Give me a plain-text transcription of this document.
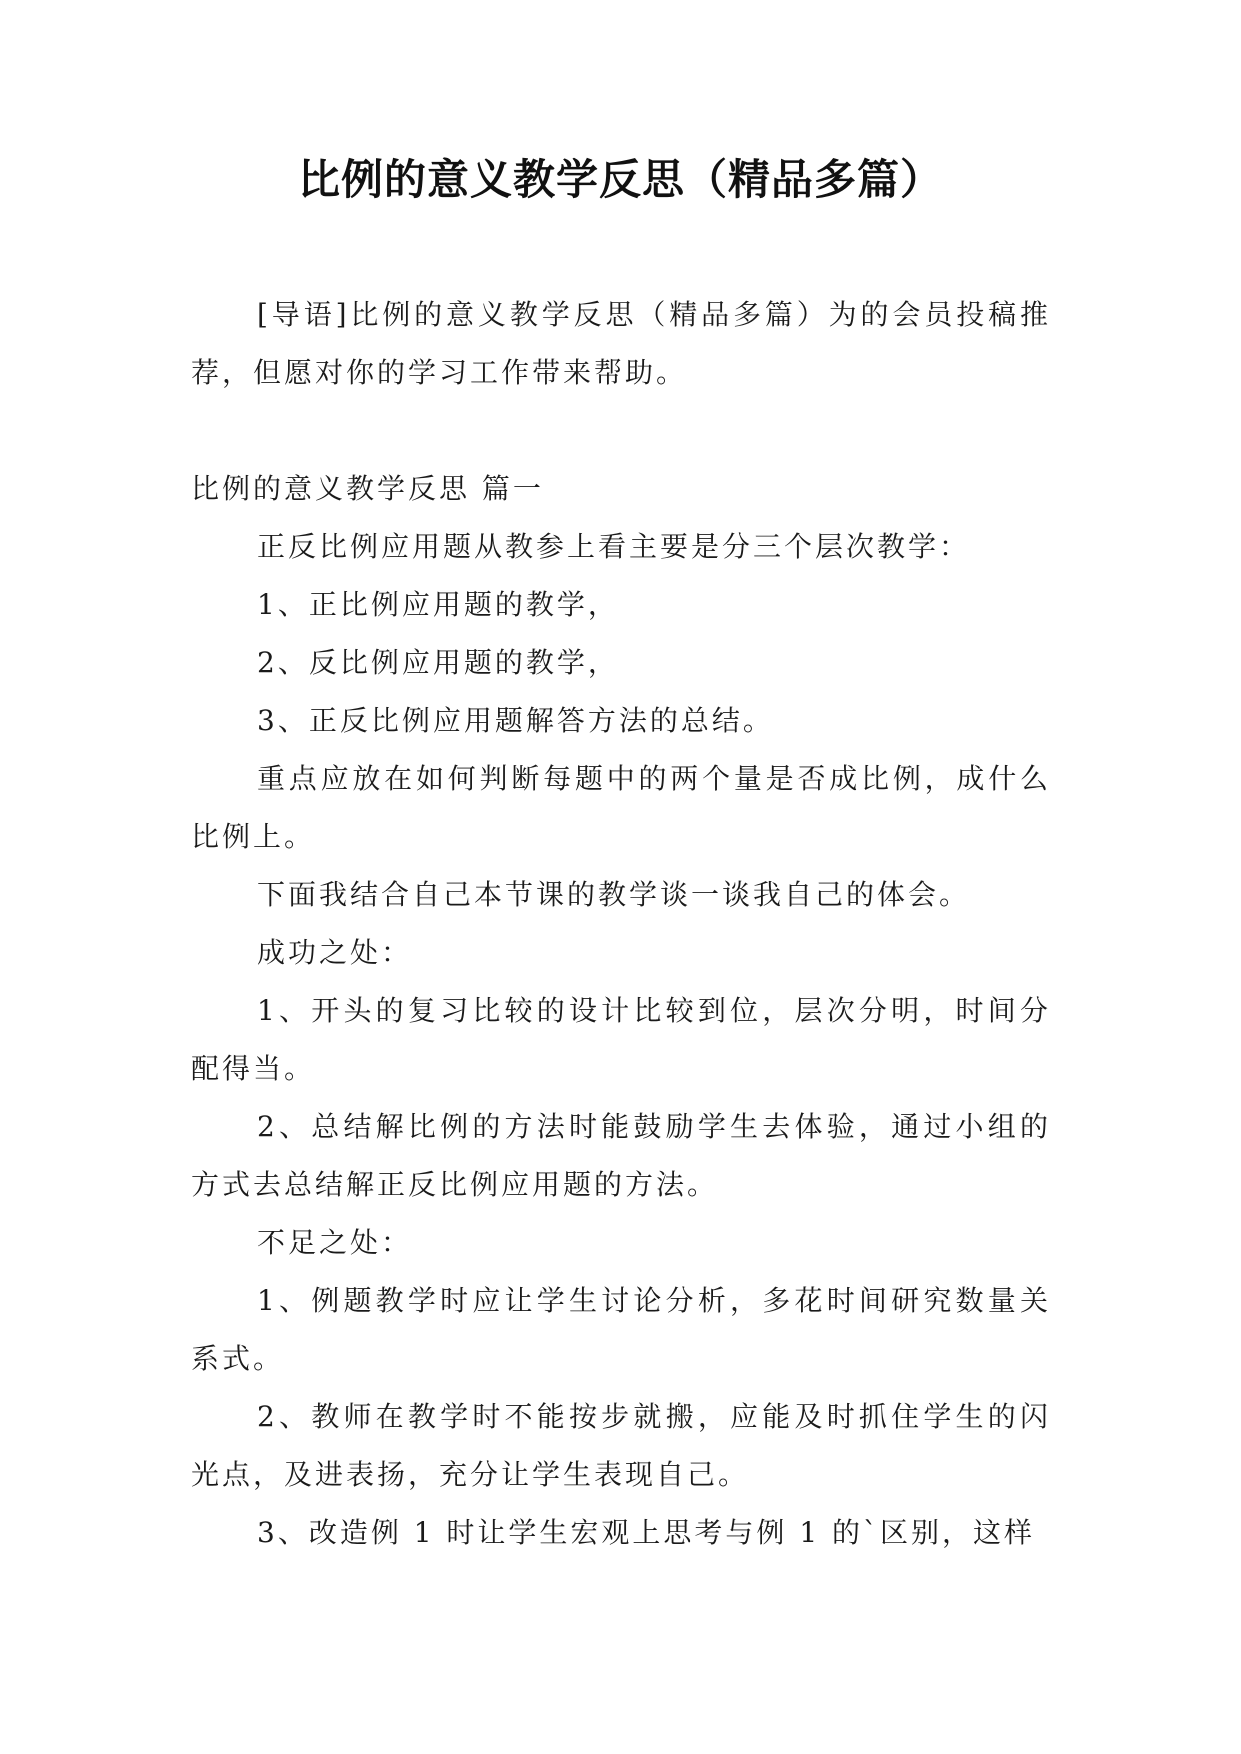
比例的意义教学反思（精品多篇）

[导语]比例的意义教学反思（精品多篇）为的会员投稿推荐，但愿对你的学习工作带来帮助。

比例的意义教学反思 篇一

正反比例应用题从教参上看主要是分三个层次教学：

1、正比例应用题的教学，

2、反比例应用题的教学，

3、正反比例应用题解答方法的总结。

重点应放在如何判断每题中的两个量是否成比例，成什么比例上。

下面我结合自己本节课的教学谈一谈我自己的体会。

成功之处：

1、开头的复习比较的设计比较到位，层次分明，时间分配得当。

2、总结解比例的方法时能鼓励学生去体验，通过小组的方式去总结解正反比例应用题的方法。

不足之处：

1、例题教学时应让学生讨论分析，多花时间研究数量关系式。

2、教师在教学时不能按步就搬，应能及时抓住学生的闪光点，及进表扬，充分让学生表现自己。

3、改造例 1 时让学生宏观上思考与例 1 的`区别，这样
